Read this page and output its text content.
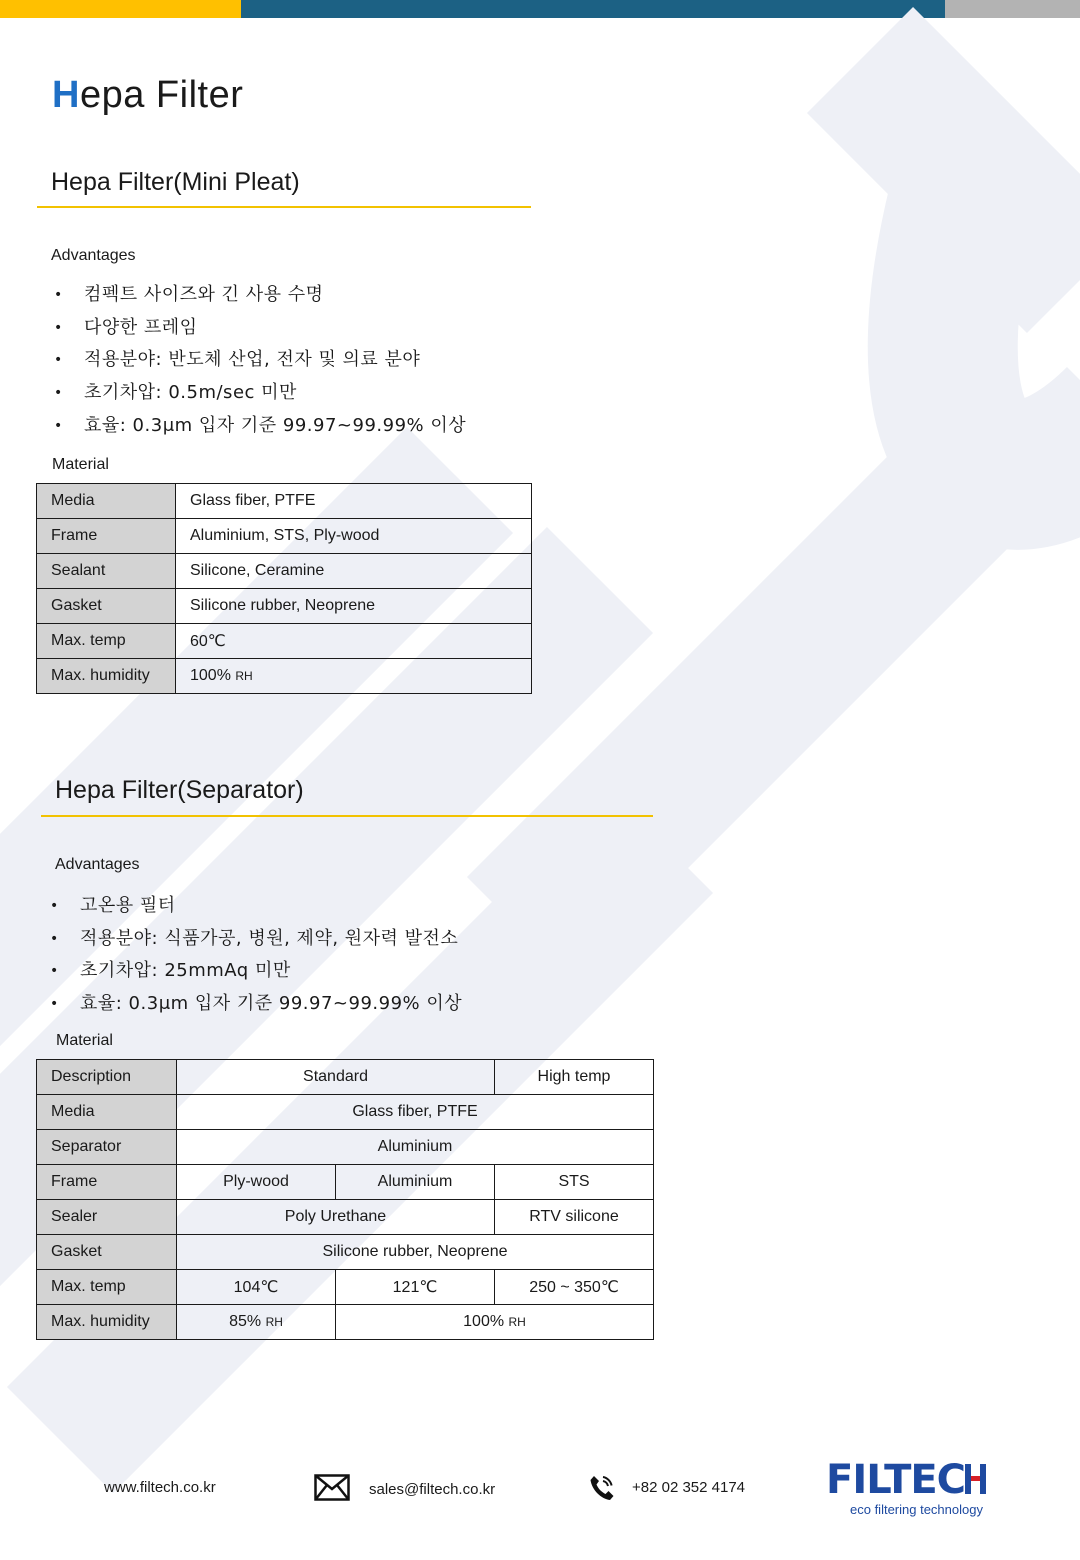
Hepa Filter
Hepa Filter(Mini Pleat)
Advantages
• 컴펙트 사이즈와 긴 사용 수명
• 다양한 프레임
• 적용분야: 반도체 산업, 전자 및 의료 분야
• 초기차압: 0.5m/sec 미만
• 효율: 0.3μm 입자 기준 99.97~99.99% 이상
Material
Media	Glass fiber, PTFE
Frame	Aluminium, STS, Ply-wood
Sealant	Silicone, Ceramine
Gasket	Silicone rubber, Neoprene
Max. temp	60℃
Max. humidity	100% RH
Hepa Filter(Separator)
Advantages
• 고온용 필터
• 적용분야: 식품가공, 병원, 제약, 원자력 발전소
• 초기차압: 25mmAq 미만
• 효율: 0.3μm 입자 기준 99.97~99.99% 이상
Material
Description	Standard		High temp
Media	Glass fiber, PTFE		
Separator	Aluminium		
Frame	Ply-wood	Aluminium	STS
Sealer	Poly Urethane		RTV silicone
Gasket	Silicone rubber, Neoprene		
Max. temp	104℃	121℃	250 ~ 350℃
Max. humidity	85% RH	100% RH	
www.filtech.co.kr	sales@filtech.co.kr	+82 02 352 4174 FILTEC
eco filtering technology
